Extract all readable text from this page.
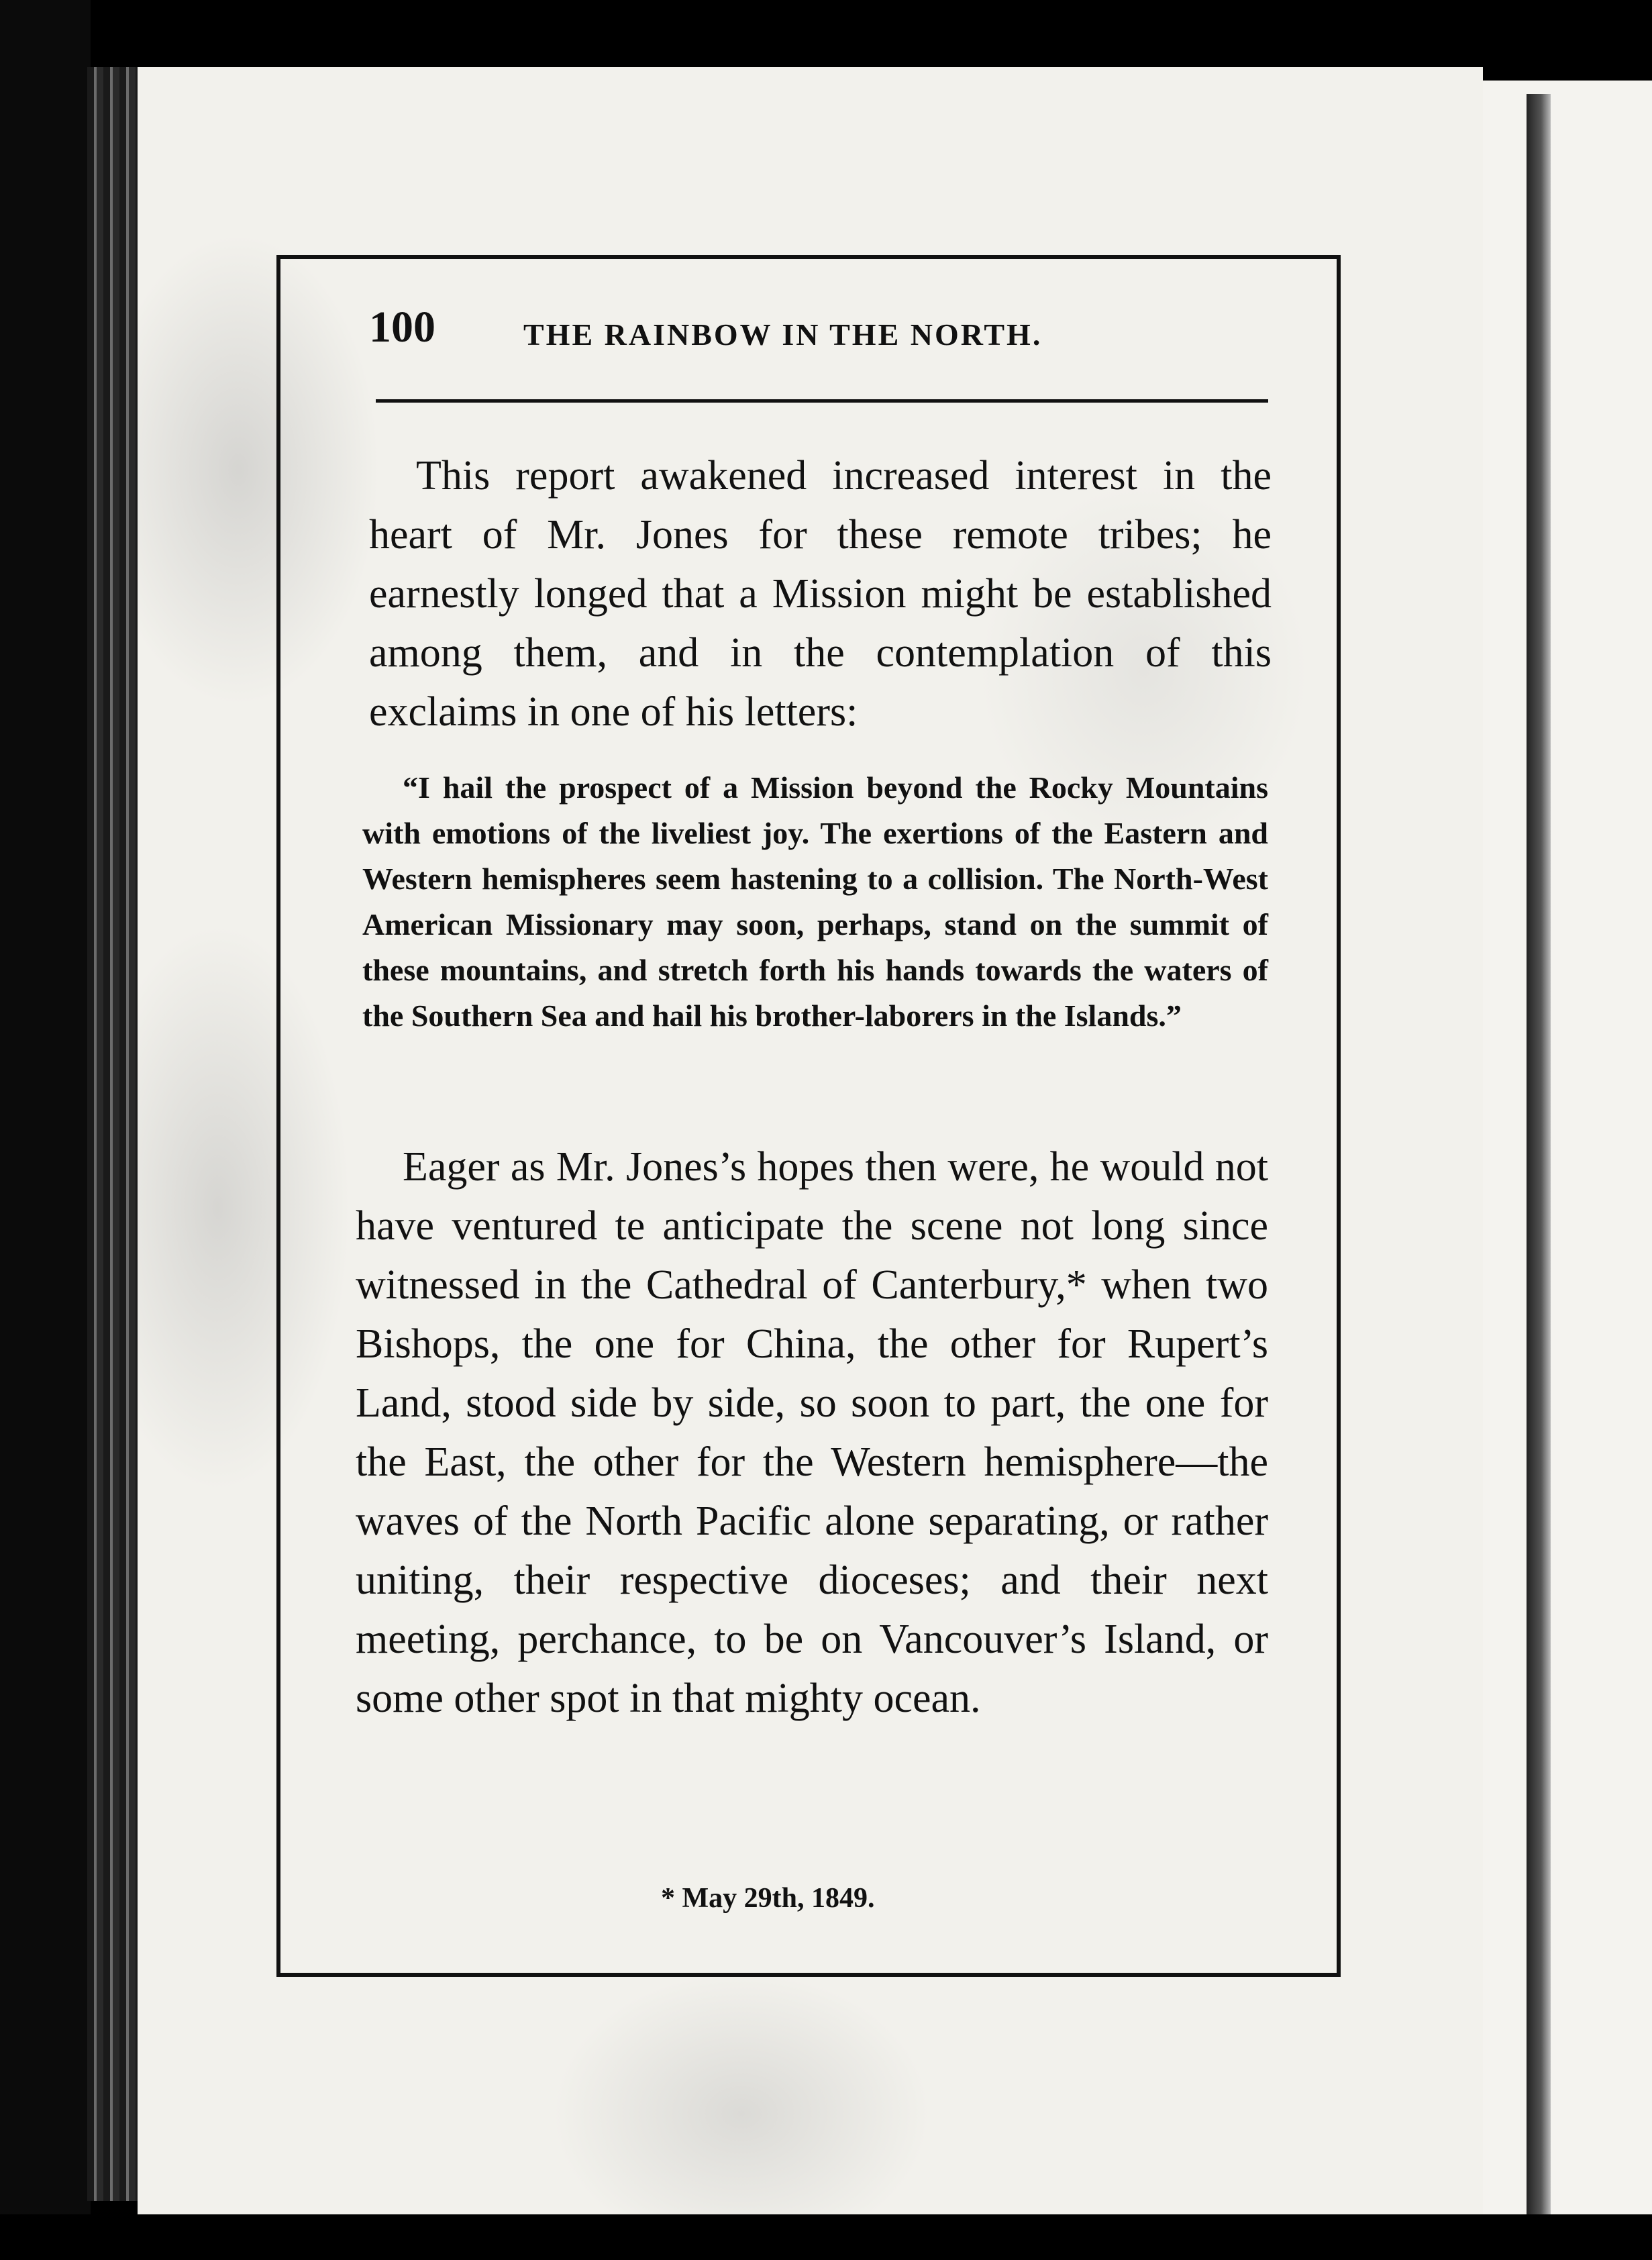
100	THE RAINBOW IN THE NORTH.

This report awakened increased interest in the heart of Mr. Jones for these remote tribes; he earnestly longed that a Mission might be established among them, and in the contemplation of this exclaims in one of his letters:

“I hail the prospect of a Mission beyond the Rocky Mountains with emotions of the liveliest joy. The exertions of the Eastern and Western hemispheres seem hastening to a collision. The North-West American Missionary may soon, perhaps, stand on the summit of these mountains, and stretch forth his hands towards the waters of the Southern Sea and hail his brother-laborers in the Islands.”

Eager as Mr. Jones’s hopes then were, he would not have ventured te anticipate the scene not long since witnessed in the Cathedral of Canterbury,* when two Bishops, the one for China, the other for Rupert’s Land, stood side by side, so soon to part, the one for the East, the other for the Western hemisphere—the waves of the North Pacific alone separating, or rather uniting, their respective dioceses; and their next meeting, perchance, to be on Vancouver’s Island, or some other spot in that mighty ocean.

* May 29th, 1849.
